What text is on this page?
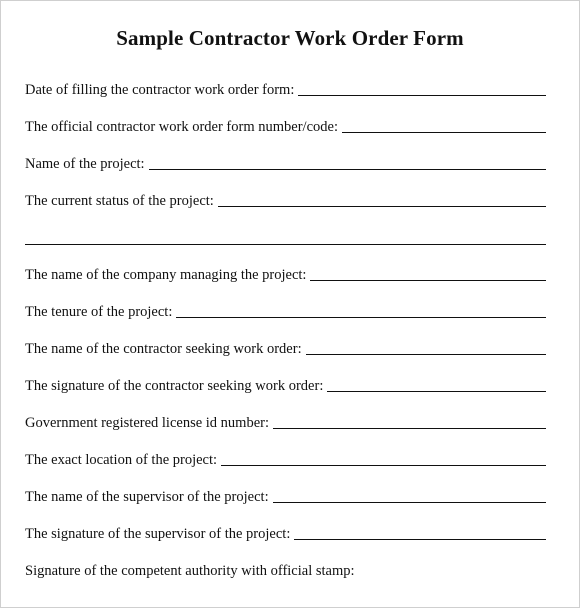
Sample Contractor Work Order Form
Date of filling the contractor work order form:
The official contractor work order form number/code:
Name of the project:
The current status of the project:
The name of the company managing the project:
The tenure of the project:
The name of the contractor seeking work order:
The signature of the contractor seeking work order:
Government registered license id number:
The exact location of the project:
The name of the supervisor of the project:
The signature of the supervisor of the project:
Signature of the competent authority with official stamp:
